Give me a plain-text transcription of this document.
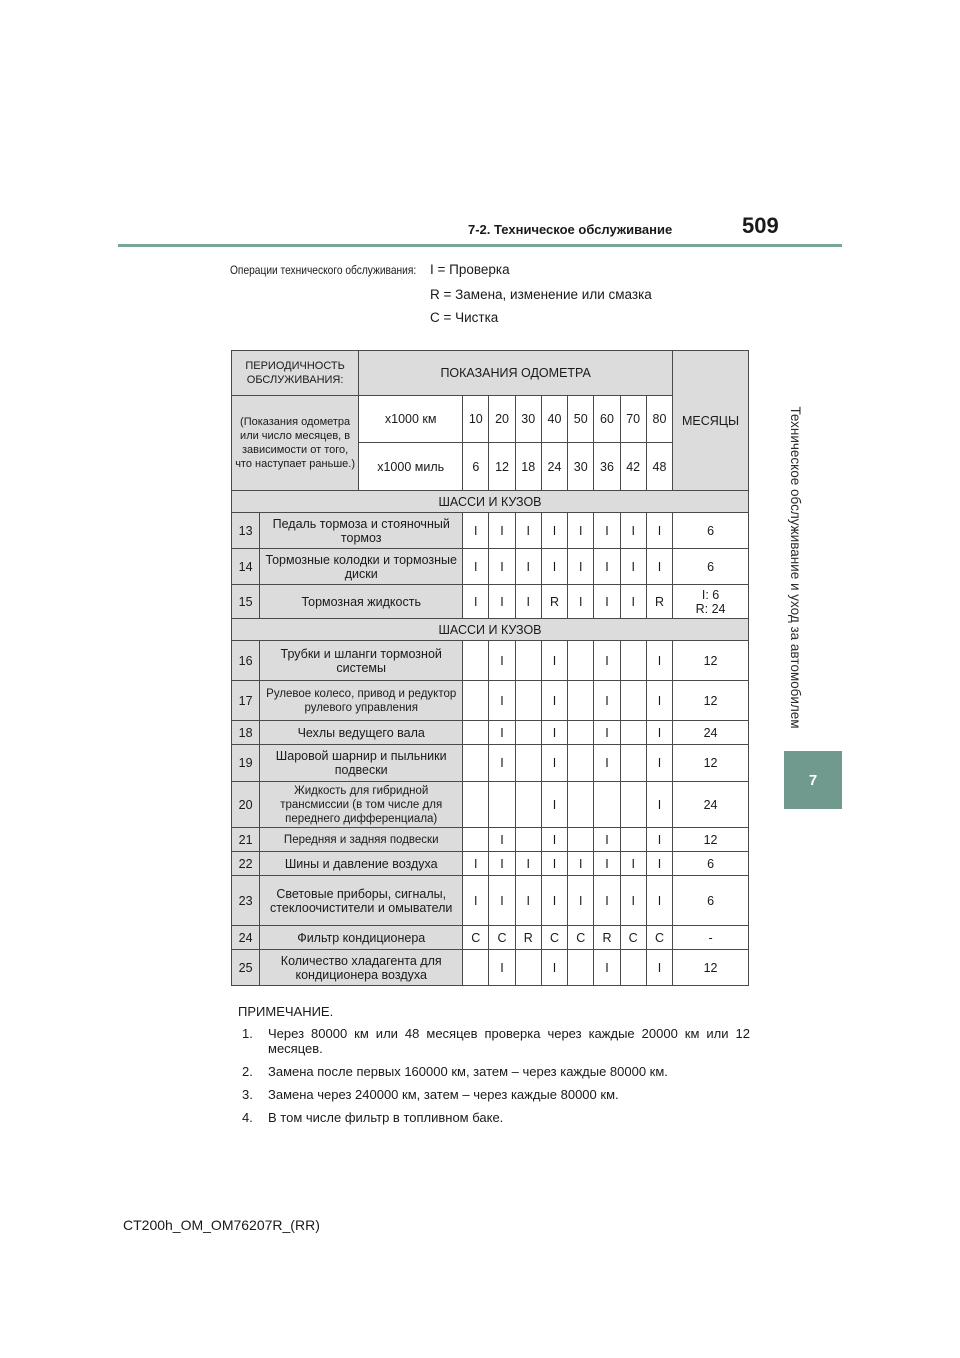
7-2. Техническое обслуживание	509
Техническое обслуживание и уход за автомобилем
7
Операции технического обслуживания: I = Проверка
R = Замена, изменение или смазка
C = Чистка
ПЕРИОДИЧНОСТЬ ОБСЛУЖИВАНИЯ:		ПОКАЗАНИЯ ОДОМЕТРА									МЕСЯЦЫ
(Показания одометра или число месяцев, в зависимости от того, что наступает раньше.)		x1000 км	10	20	30	40	50	60	70	80	
		x1000 миль	6	12	18	24	30	36	42	48	
ШАССИ И КУЗОВ											
13	Педаль тормоза и стояночный тормоз		I	I	I	I	I	I	I	I	6

14	Тормозные колодки и тормозные диски		I	I	I	I	I	I	I	I	6

15	Тормозная жидкость		I	I	I	R	I	I	I	R	I: 6
R: 24

ШАССИ И КУЗОВ											
16	Трубки и шланги тормозной системы			I		I		I		I	12

17	Рулевое колесо, привод и редуктор рулевого управления			I		I		I		I	12

18	Чехлы ведущего вала			I		I		I		I	24

19	Шаровой шарнир и пыльники подвески			I		I		I		I	12

20	Жидкость для гибридной трансмиссии (в том числе для переднего дифференциала)					I				I	24

21	Передняя и задняя подвески			I		I		I		I	12

22	Шины и давление воздуха		I	I	I	I	I	I	I	I	6

23	Световые приборы, сигналы, стеклоочистители и омыватели		I	I	I	I	I	I	I	I	6

24	Фильтр кондиционера		C	C	R	C	C	R	C	C	-

25	Количество хладагента для кондиционера воздуха			I		I		I		I	12
ПРИМЕЧАНИЕ.
1.	Через 80000 км или 48 месяцев проверка через каждые 20000 км или 12 месяцев.
2.	Замена после первых 160000 км, затем – через каждые 80000 км.
3.	Замена через 240000 км, затем – через каждые 80000 км.
4.	В том числе фильтр в топливном баке.
CT200h_OM_OM76207R_(RR)
